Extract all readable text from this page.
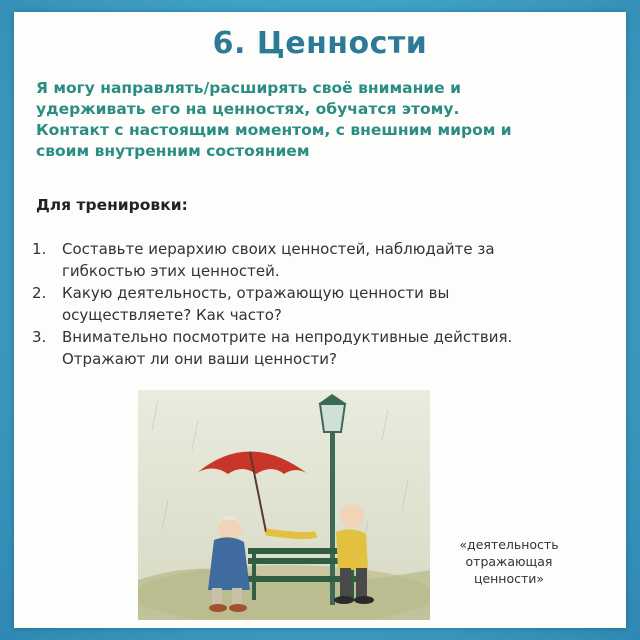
6. Ценности
Я могу направлять/расширять своё внимание и
удерживать его на ценностях, обучатся этому.
Контакт с настоящим моментом, с внешним миром и
своим внутренним состоянием
Для тренировки:
1. Составьте иерархию своих ценностей, наблюдайте за
гибкостью этих ценностей.
2. Какую деятельность, отражающую ценности вы
осуществляете? Как часто?
3. Внимательно посмотрите на непродуктивные действия.
Отражают ли они ваши ценности?
«деятельность
отражающая
ценности»
